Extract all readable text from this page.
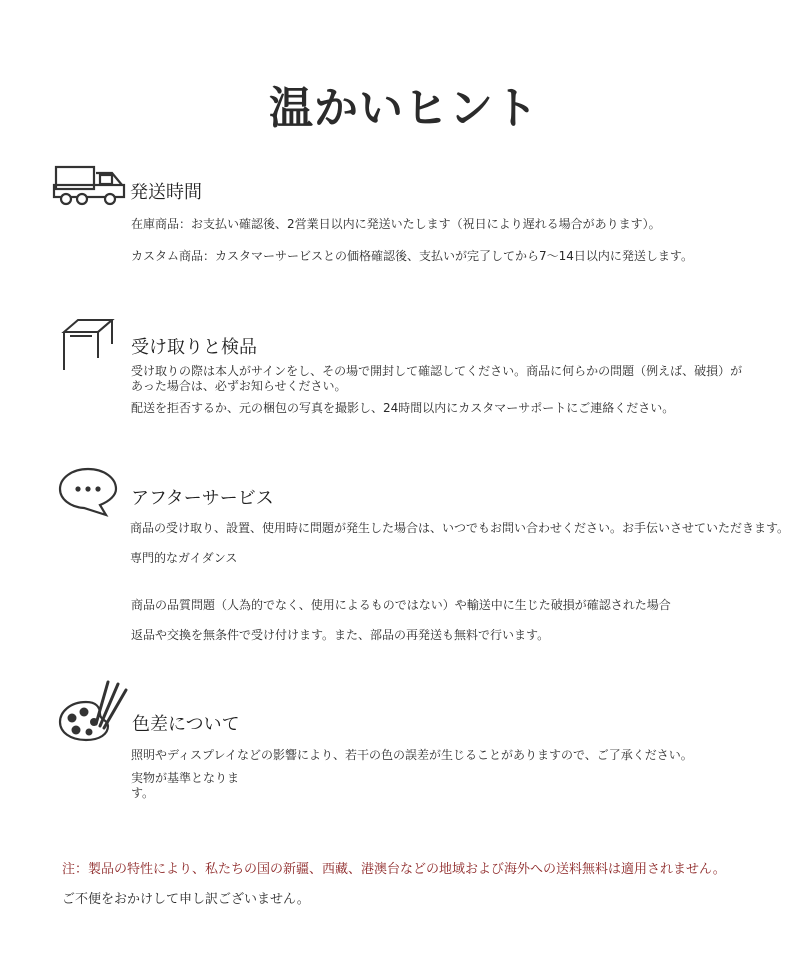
温かいヒント
発送時間
在庫商品：お支払い確認後、2営業日以内に発送いたします（祝日により遅れる場合があります）。
カスタム商品：カスタマーサービスとの価格確認後、支払いが完了してから7〜14日以内に発送します。
受け取りと検品
受け取りの際は本人がサインをし、その場で開封して確認してください。商品に何らかの問題（例えば、破損）があった場合は、必ずお知らせください。
配送を拒否するか、元の梱包の写真を撮影し、24時間以内にカスタマーサポートにご連絡ください。
アフターサービス
商品の受け取り、設置、使用時に問題が発生した場合は、いつでもお問い合わせください。お手伝いさせていただきます。
専門的なガイダンス
商品の品質問題（人為的でなく、使用によるものではない）や輸送中に生じた破損が確認された場合
返品や交換を無条件で受け付けます。また、部品の再発送も無料で行います。
色差について
照明やディスプレイなどの影響により、若干の色の誤差が生じることがありますので、ご了承ください。
実物が基準となります。
注：製品の特性により、私たちの国の新疆、西藏、港澳台などの地域および海外への送料無料は適用されません。
ご不便をおかけして申し訳ございません。
